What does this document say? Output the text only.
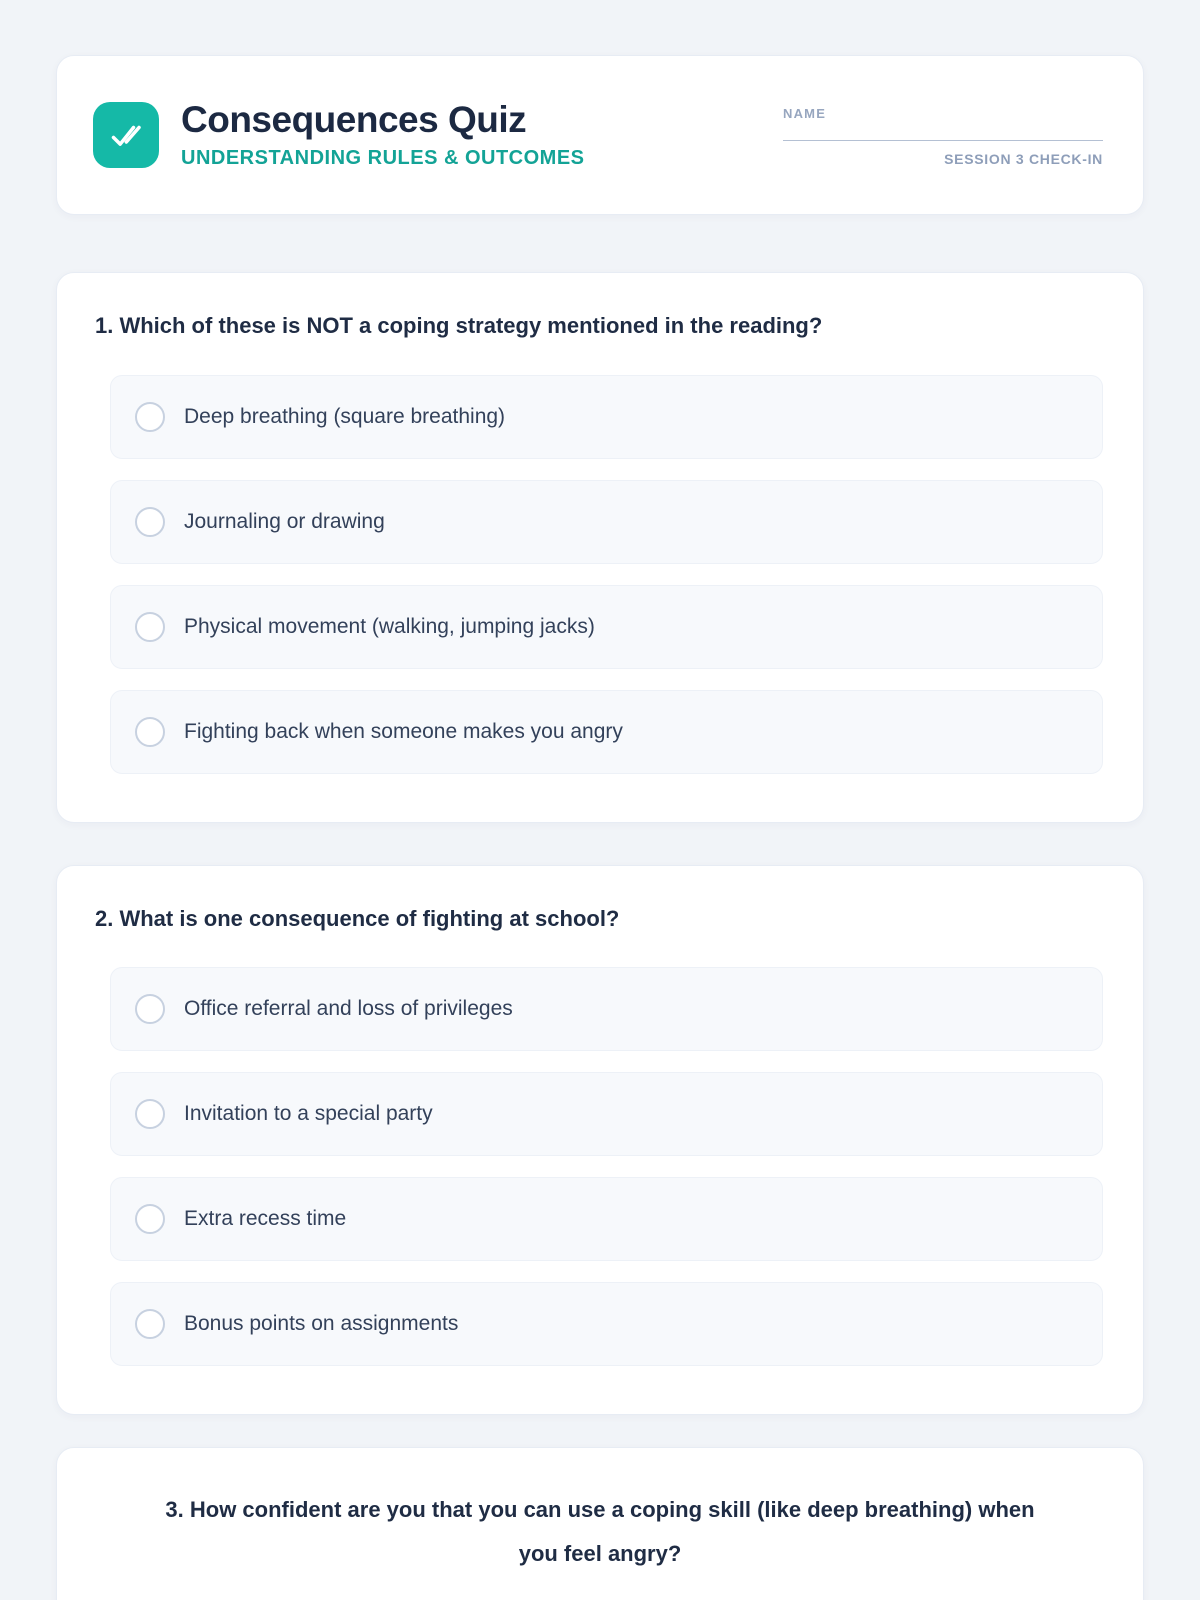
Consequences Quiz
UNDERSTANDING RULES & OUTCOMES
NAME
SESSION 3 CHECK-IN
1. Which of these is NOT a coping strategy mentioned in the reading?
Deep breathing (square breathing)
Journaling or drawing
Physical movement (walking, jumping jacks)
Fighting back when someone makes you angry
2. What is one consequence of fighting at school?
Office referral and loss of privileges
Invitation to a special party
Extra recess time
Bonus points on assignments
3. How confident are you that you can use a coping skill (like deep breathing) when you feel angry?
